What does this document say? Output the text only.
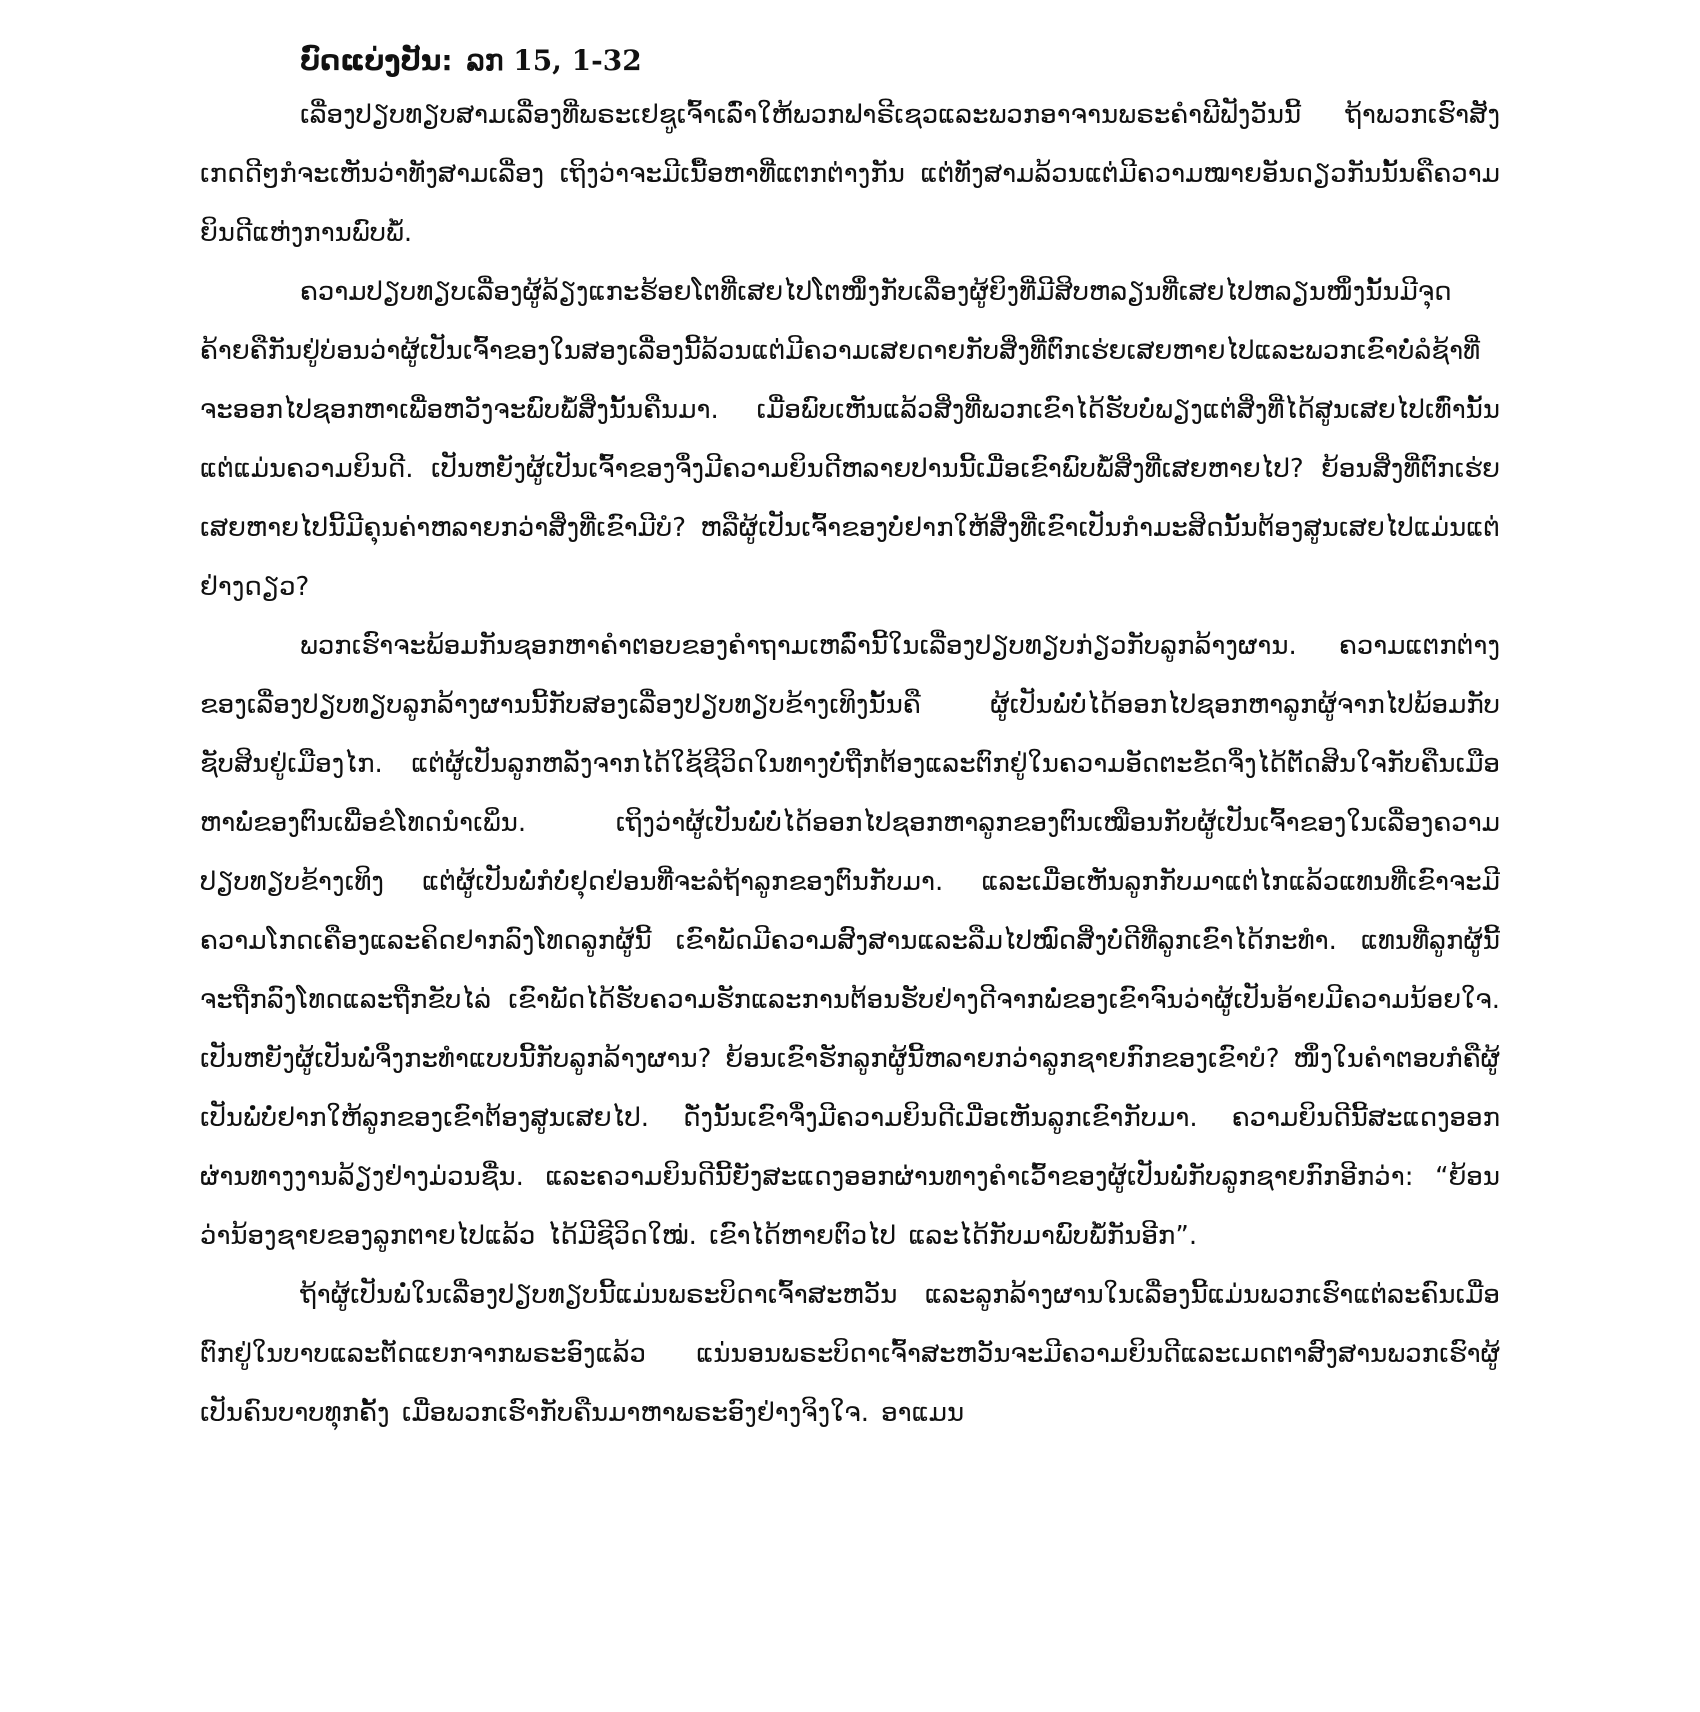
ບົດແບ່ງປັນ: ລກ 15, 1-32

ເລື່ອງປຽບທຽບສາມເລື່ອງທີ່ພຣະເຢຊູເຈົ້າເລົ່າໃຫ້ພວກຟາຣີເຊວແລະພວກອາຈານພຣະຄໍາພີຟັງວັນນີ້ ຖ້າພວກເຮົາສັງເກດດີໆກໍຈະເຫັນວ່າທັງສາມເລື່ອງ ເຖິງວ່າຈະມີເນື້ອຫາທີ່ແຕກຕ່າງກັນ ແຕ່ທັງສາມລ້ວນແຕ່ມີຄວາມໝາຍອັນດຽວກັນນັ້ນຄືຄວາມຍິນດີແຫ່ງການພົບພໍ້.

ຄວາມປຽບທຽບເລື່ອງຜູ້ລ້ຽງແກະຮ້ອຍໂຕທີ່ເສຍໄປໂຕໜຶ່ງກັບເລື່ອງຜູ້ຍິງທີ່ມີສິບຫລຽນທີ່ເສຍໄປຫລຽນໜຶ່ງນັ້ນມີຈຸດຄ້າຍຄືກັນຢູ່ບ່ອນວ່າຜູ້ເປັນເຈົ້າຂອງໃນສອງເລື່ອງນີ້ລ້ວນແຕ່ມີຄວາມເສຍດາຍກັບສິ່ງທີ່ຕົກເຮ່ຍເສຍຫາຍໄປແລະພວກເຂົາບໍ່ລໍຊ້າທີ່ຈະອອກໄປຊອກຫາເພື່ອຫວັງຈະພົບພໍ້ສິ່ງນັ້ນຄືນມາ. ເມື່ອພົບເຫັນແລ້ວສິ່ງທີ່ພວກເຂົາໄດ້ຮັບບໍ່ພຽງແຕ່ສິ່ງທີ່ໄດ້ສູນເສຍໄປເທົ່ານັ້ນແຕ່ແມ່ນຄວາມຍິນດີ. ເປັນຫຍັງຜູ້ເປັນເຈົ້າຂອງຈຶ່ງມີຄວາມຍິນດີຫລາຍປານນີ້ເມື່ອເຂົາພົບພໍ້ສິ່ງທີ່ເສຍຫາຍໄປ? ຍ້ອນສິ່ງທີ່ຕົກເຮ່ຍເສຍຫາຍໄປນີ້ມີຄຸນຄ່າຫລາຍກວ່າສິ່ງທີ່ເຂົາມີບໍ? ຫລືຜູ້ເປັນເຈົ້າຂອງບໍ່ຢາກໃຫ້ສິ່ງທີ່ເຂົາເປັນກໍາມະສິດນັ້ນຕ້ອງສູນເສຍໄປແມ່ນແຕ່ຢ່າງດຽວ?

ພວກເຮົາຈະພ້ອມກັນຊອກຫາຄໍາຕອບຂອງຄໍາຖາມເຫລົ່ານີ້ໃນເລື່ອງປຽບທຽບກ່ຽວກັບລູກລ້າງຜານ. ຄວາມແຕກຕ່າງຂອງເລື່ອງປຽບທຽບລູກລ້າງຜານນີ້ກັບສອງເລື່ອງປຽບທຽບຂ້າງເທິງນັ້ນຄື ຜູ້ເປັນພໍ່ບໍ່ໄດ້ອອກໄປຊອກຫາລູກຜູ້ຈາກໄປພ້ອມກັບຊັບສິນຢູ່ເມືອງໄກ. ແຕ່ຜູ້ເປັນລູກຫລັງຈາກໄດ້ໃຊ້ຊີວິດໃນທາງບໍ່ຖືກຕ້ອງແລະຕົກຢູ່ໃນຄວາມອັດຕະຂັດຈຶ່ງໄດ້ຕັດສິນໃຈກັບຄືນເມືອຫາພໍ່ຂອງຕົນເພື່ອຂໍໂທດນໍາເພິ່ນ. ເຖິງວ່າຜູ້ເປັນພໍ່ບໍ່ໄດ້ອອກໄປຊອກຫາລູກຂອງຕົນເໝືອນກັບຜູ້ເປັນເຈົ້າຂອງໃນເລື່ອງຄວາມປຽບທຽບຂ້າງເທິງ ແຕ່ຜູ້ເປັນພໍ່ກໍບໍ່ຢຸດຢ່ອນທີ່ຈະລໍຖ້າລູກຂອງຕົນກັບມາ. ແລະເມື່ອເຫັນລູກກັບມາແຕ່ໄກແລ້ວແທນທີ່ເຂົາຈະມີຄວາມໂກດເຄືອງແລະຄິດຢາກລົງໂທດລູກຜູ້ນີ້ ເຂົາພັດມີຄວາມສົງສານແລະລືມໄປໝົດສິ່ງບໍ່ດີທີ່ລູກເຂົາໄດ້ກະທໍາ. ແທນທີ່ລູກຜູ້ນີ້ຈະຖືກລົງໂທດແລະຖືກຂັບໄລ່ ເຂົາພັດໄດ້ຮັບຄວາມຮັກແລະການຕ້ອນຮັບຢ່າງດີຈາກພໍ່ຂອງເຂົາຈົນວ່າຜູ້ເປັນອ້າຍມີຄວາມນ້ອຍໃຈ. ເປັນຫຍັງຜູ້ເປັນພໍ່ຈຶ່ງກະທໍາແບບນີ້ກັບລູກລ້າງຜານ? ຍ້ອນເຂົາຮັກລູກຜູ້ນີ້ຫລາຍກວ່າລູກຊາຍກົກຂອງເຂົາບໍ? ໜຶ່ງໃນຄໍາຕອບກໍຄືຜູ້ເປັນພໍ່ບໍ່ຢາກໃຫ້ລູກຂອງເຂົາຕ້ອງສູນເສຍໄປ. ດັ່ງນັ້ນເຂົາຈຶ່ງມີຄວາມຍິນດີເມື່ອເຫັນລູກເຂົາກັບມາ. ຄວາມຍິນດີນີ້ສະແດງອອກຜ່ານທາງງານລ້ຽງຢ່າງມ່ວນຊື່ນ. ແລະຄວາມຍິນດີນີ້ຍັງສະແດງອອກຜ່ານທາງຄໍາເວົ້າຂອງຜູ້ເປັນພໍ່ກັບລູກຊາຍກົກອີກວ່າ: “ຍ້ອນວ່ານ້ອງຊາຍຂອງລູກຕາຍໄປແລ້ວ ໄດ້ມີຊີວິດໃໝ່. ເຂົາໄດ້ຫາຍຕົວໄປ ແລະໄດ້ກັບມາພົບພໍ້ກັນອີກ”.

ຖ້າຜູ້ເປັນພໍ່ໃນເລື່ອງປຽບທຽບນີ້ແມ່ນພຣະບິດາເຈົ້າສະຫວັນ ແລະລູກລ້າງຜານໃນເລື່ອງນີ້ແມ່ນພວກເຮົາແຕ່ລະຄົນເມື່ອຕົກຢູ່ໃນບາບແລະຕັດແຍກຈາກພຣະອົງແລ້ວ ແນ່ນອນພຣະບິດາເຈົ້າສະຫວັນຈະມີຄວາມຍິນດີແລະເມດຕາສົງສານພວກເຮົາຜູ້ເປັນຄົນບາບທຸກຄັ້ງ ເມື່ອພວກເຮົາກັບຄືນມາຫາພຣະອົງຢ່າງຈິງໃຈ. ອາແມນ
